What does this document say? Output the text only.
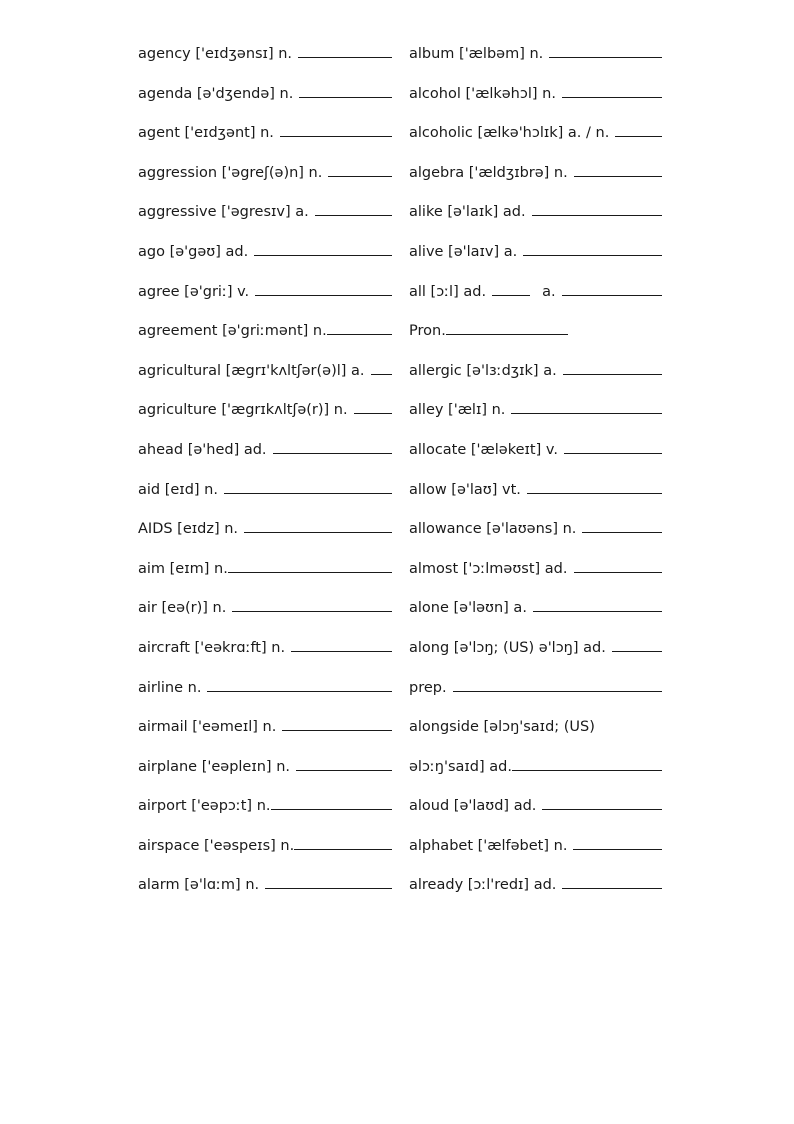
agency ['eɪdʒənsɪ] n.
agenda [ə'dʒendə] n.
agent ['eɪdʒənt] n.
aggression ['əgreʃ(ə)n] n.
aggressive ['əgresɪv] a.
ago [ə'gəʊ] ad.
agree [ə'griː] v.
agreement [ə'griːmənt] n.
agricultural [ægrɪ'kʌltʃər(ə)l] a.
agriculture ['ægrɪkʌltʃə(r)] n.
ahead [ə'hed] ad.
aid [eɪd] n.
AIDS [eɪdz] n.
aim [eɪm] n.
air [eə(r)] n.
aircraft ['eəkrɑːft] n.
airline n.
airmail ['eəmeɪl] n.
airplane ['eəpleɪn] n.
airport ['eəpɔːt] n.
airspace ['eəspeɪs] n.
alarm [ə'lɑːm] n.
album ['ælbəm] n.
alcohol ['ælkəhɔl] n.
alcoholic [ælkə'hɔlɪk] a. / n.
algebra ['ældʒɪbrə] n.
alike [ə'laɪk] ad.
alive [ə'laɪv] a.
all [ɔːl] ad.	a.
Pron.
allergic [ə'lɜːdʒɪk] a.
alley ['ælɪ] n.
allocate ['æləkeɪt] v.
allow [ə'laʊ] vt.
allowance [ə'laʊəns] n.
almost ['ɔːlməʊst] ad.
alone [ə'ləʊn] a.
along [ə'lɔŋ; (US) ə'lɔŋ] ad.
prep.
alongside [əlɔŋ'saɪd; (US)
əlɔːŋ'saɪd] ad.
aloud [ə'laʊd] ad.
alphabet ['ælfəbet] n.
already [ɔːl'redɪ] ad.
